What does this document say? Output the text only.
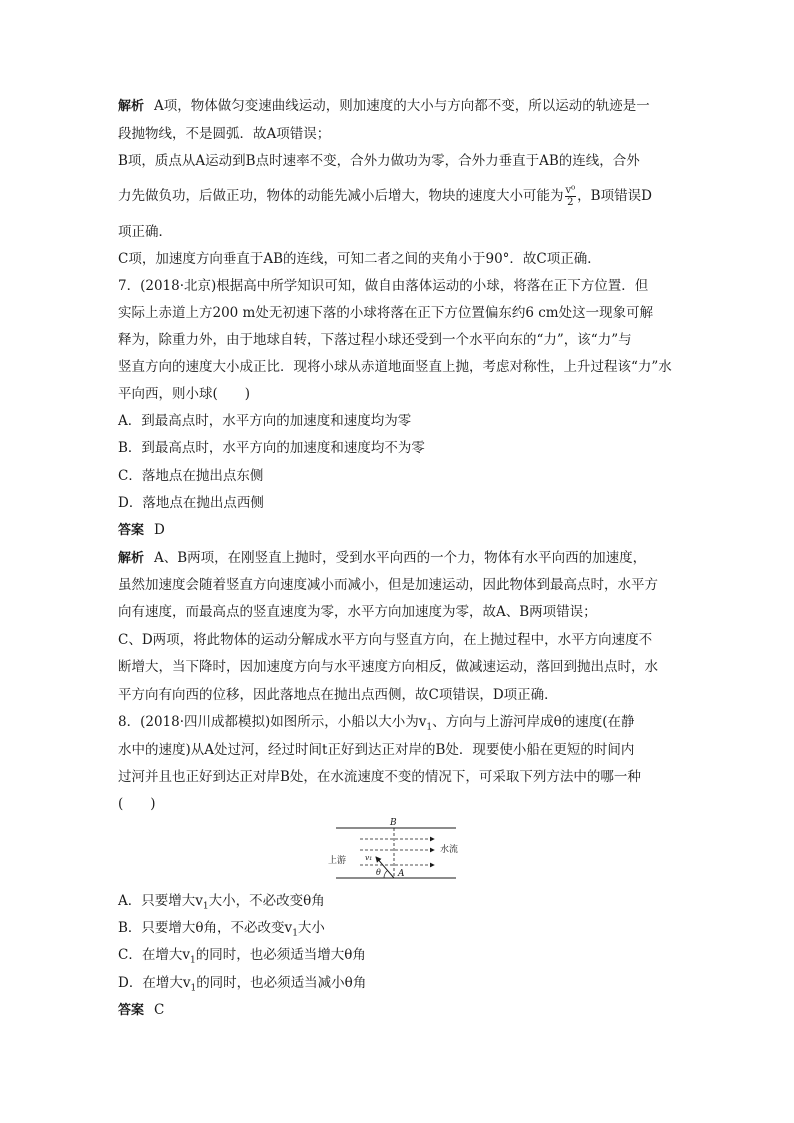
解析 A项，物体做匀变速曲线运动，则加速度的大小与方向都不变，所以运动的轨迹是一
段抛物线，不是圆弧．故A项错误；
B项，质点从A运动到B点时速率不变，合外力做功为零，合外力垂直于AB的连线，合外
力先做负功，后做正功，物体的动能先减小后增大，物块的速度大小可能为 $\frac{\text{v⁰}}{2}$ ，B项错误D
项正确．
C项，加速度方向垂直于AB的连线，可知二者之间的夹角小于90°．故C项正确．
7．(2018·北京)根据高中所学知识可知，做自由落体运动的小球，将落在正下方位置．但
实际上赤道上方200 m处无初速下落的小球将落在正下方位置偏东约6 cm处这一现象可解
释为，除重力外，由于地球自转，下落过程小球还受到一个水平向东的“力”，该“力”与
竖直方向的速度大小成正比．现将小球从赤道地面竖直上抛，考虑对称性，上升过程该“力”水
平向西，则小球(　　)
A．到最高点时，水平方向的加速度和速度均为零
B．到最高点时，水平方向的加速度和速度均不为零
C．落地点在抛出点东侧
D．落地点在抛出点西侧
答案 D
解析 A、B两项，在刚竖直上抛时，受到水平向西的一个力，物体有水平向西的加速度，
虽然加速度会随着竖直方向速度减小而减小，但是加速运动，因此物体到最高点时，水平方
向有速度，而最高点的竖直速度为零，水平方向加速度为零，故A、B两项错误；
C、D两项，将此物体的运动分解成水平方向与竖直方向，在上抛过程中，水平方向速度不
断增大，当下降时，因加速度方向与水平速度方向相反，做减速运动，落回到抛出点时，水
平方向有向西的位移，因此落地点在抛出点西侧，故C项错误，D项正确．
8．(2018·四川成都模拟)如图所示，小船以大小为$v_1$、方向与上游河岸成θ的速度(在静
水中的速度)从A处过河，经过时间t正好到达正对岸的B处．现要使小船在更短的时间内
过河并且也正好到达正对岸B处，在水流速度不变的情况下，可采取下列方法中的哪一种
(　　)
B
A
上游
水流
v₁
θ
A．只要增大$v_1$大小，不必改变θ角
B．只要增大θ角，不必改变$v_1$大小
C．在增大$v_1$的同时，也必须适当增大θ角
D．在增大$v_1$的同时，也必须适当减小θ角
答案 C
